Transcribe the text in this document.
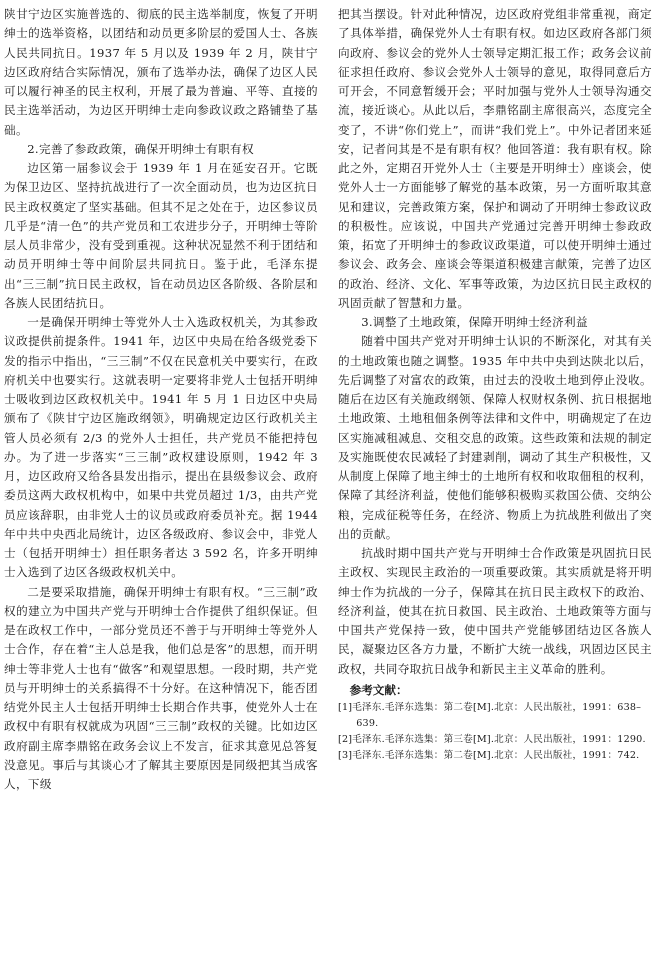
陕甘宁边区实施普选的、彻底的民主选举制度，恢复了开明绅士的选举资格，以团结和动员更多阶层的爱国人士、各族人民共同抗日。1937 年 5 月以及 1939 年 2 月，陕甘宁边区政府结合实际情况，颁布了选举办法，确保了边区人民可以履行神圣的民主权利，开展了最为普遍、平等、直接的民主选举活动，为边区开明绅士走向参政议政之路铺垫了基础。

2.完善了参政政策，确保开明绅士有职有权

边区第一届参议会于 1939 年 1 月在延安召开。它既为保卫边区、坚持抗战进行了一次全面动员，也为边区抗日民主政权奠定了坚实基础。但其不足之处在于，边区参议员几乎是“清一色”的共产党员和工农进步分子，开明绅士等阶层人员非常少，没有受到重视。这种状况显然不利于团结和动员开明绅士等中间阶层共同抗日。鉴于此，毛泽东提出“三三制”抗日民主政权，旨在动员边区各阶级、各阶层和各族人民团结抗日。

一是确保开明绅士等党外人士入选政权机关，为其参政议政提供前提条件。1941 年，边区中央局在给各级党委下发的指示中指出，“三三制”不仅在民意机关中要实行，在政府机关中也要实行。这就表明一定要将非党人士包括开明绅士吸收到边区政权机关中。1941 年 5 月 1 日边区中央局颁布了《陕甘宁边区施政纲领》，明确规定边区行政机关主管人员必须有 2/3 的党外人士担任，共产党员不能把持包办。为了进一步落实“三三制”政权建设原则，1942 年 3 月，边区政府又给各县发出指示，提出在县级参议会、政府委员这两大政权机构中，如果中共党员超过 1/3，由共产党员应该辞职，由非党人士的议员或政府委员补充。据 1944 年中共中央西北局统计，边区各级政府、参议会中，非党人士（包括开明绅士）担任职务者达 3 592 名，许多开明绅士入选到了边区各级政权机关中。

二是要采取措施，确保开明绅士有职有权。“三三制”政权的建立为中国共产党与开明绅士合作提供了组织保证。但是在政权工作中，一部分党员还不善于与开明绅士等党外人士合作，存在着“主人总是我，他们总是客”的思想，而开明绅士等非党人士也有“做客”和观望思想。一段时期，共产党员与开明绅士的关系搞得不十分好。在这种情况下，能否团结党外民主人士包括开明绅士长期合作共事，使党外人士在政权中有职有权就成为巩固“三三制”政权的关键。比如边区政府副主席李鼎铭在政务会议上不发言，征求其意见总答复没意见。事后与其谈心才了解其主要原因是同级把其当成客人，下级

把其当摆设。针对此种情况，边区政府党组非常重视，商定了具体举措，确保党外人士有职有权。如边区政府各部门须向政府、参议会的党外人士领导定期汇报工作；政务会议前征求担任政府、参议会党外人士领导的意见，取得同意后方可开会，不同意暂缓开会；平时加强与党外人士领导沟通交流，接近谈心。从此以后，李鼎铭副主席很高兴，态度完全变了，不讲“你们党上”，而讲“我们党上”。中外记者团来延安，记者问其是不是有职有权？他回答道：我有职有权。除此之外，定期召开党外人士（主要是开明绅士）座谈会，使党外人士一方面能够了解党的基本政策，另一方面听取其意见和建议，完善政策方案，保护和调动了开明绅士参政议政的积极性。应该说，中国共产党通过完善开明绅士参政政策，拓宽了开明绅士的参政议政渠道，可以使开明绅士通过参议会、政务会、座谈会等渠道积极建言献策，完善了边区的政治、经济、文化、军事等政策，为边区抗日民主政权的巩固贡献了智慧和力量。

3.调整了土地政策，保障开明绅士经济利益

随着中国共产党对开明绅士认识的不断深化，对其有关的土地政策也随之调整。1935 年中共中央到达陕北以后，先后调整了对富农的政策，由过去的没收土地到停止没收。随后在边区有关施政纲领、保障人权财权条例、抗日根据地土地政策、土地租佃条例等法律和文件中，明确规定了在边区实施减租减息、交租交息的政策。这些政策和法规的制定及实施既使农民减轻了封建剥削，调动了其生产积极性，又从制度上保障了地主绅士的土地所有权和收取佃租的权利，保障了其经济利益，使他们能够积极购买救国公债、交纳公粮，完成征税等任务，在经济、物质上为抗战胜利做出了突出的贡献。

抗战时期中国共产党与开明绅士合作政策是巩固抗日民主政权、实现民主政治的一项重要政策。其实质就是将开明绅士作为抗战的一分子，保障其在抗日民主政权下的政治、经济利益，使其在抗日救国、民主政治、土地政策等方面与中国共产党保持一致，使中国共产党能够团结边区各族人民，凝聚边区各方力量，不断扩大统一战线，巩固边区民主政权，共同夺取抗日战争和新民主主义革命的胜利。

参考文献：
[1]毛泽东.毛泽东选集：第二卷[M].北京：人民出版社，1991：638–639.
[2]毛泽东.毛泽东选集：第三卷[M].北京：人民出版社，1991：1290.
[3]毛泽东.毛泽东选集：第二卷[M].北京：人民出版社，1991：742.
